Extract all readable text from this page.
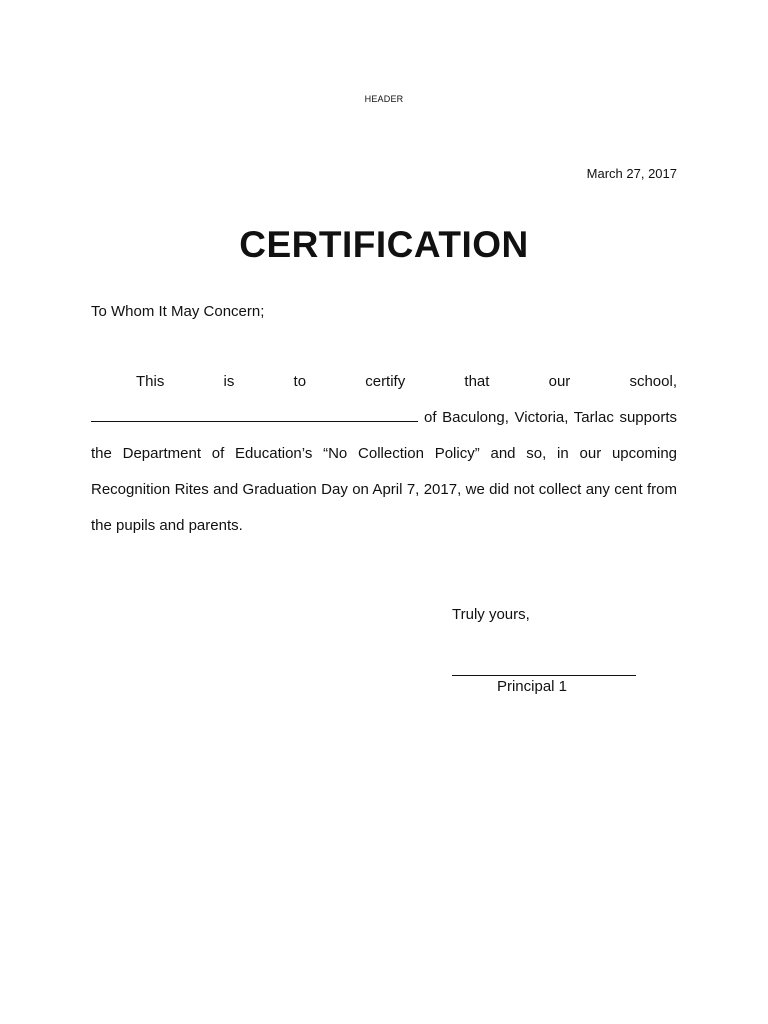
HEADER
March 27, 2017
CERTIFICATION
To Whom It May Concern;
This is to certify that our school, of Baculong, Victoria, Tarlac supports the Department of Education’s “No Collection Policy” and so, in our upcoming Recognition Rites and Graduation Day on April 7, 2017, we did not collect any cent from the pupils and parents.
Truly yours,
Principal 1
